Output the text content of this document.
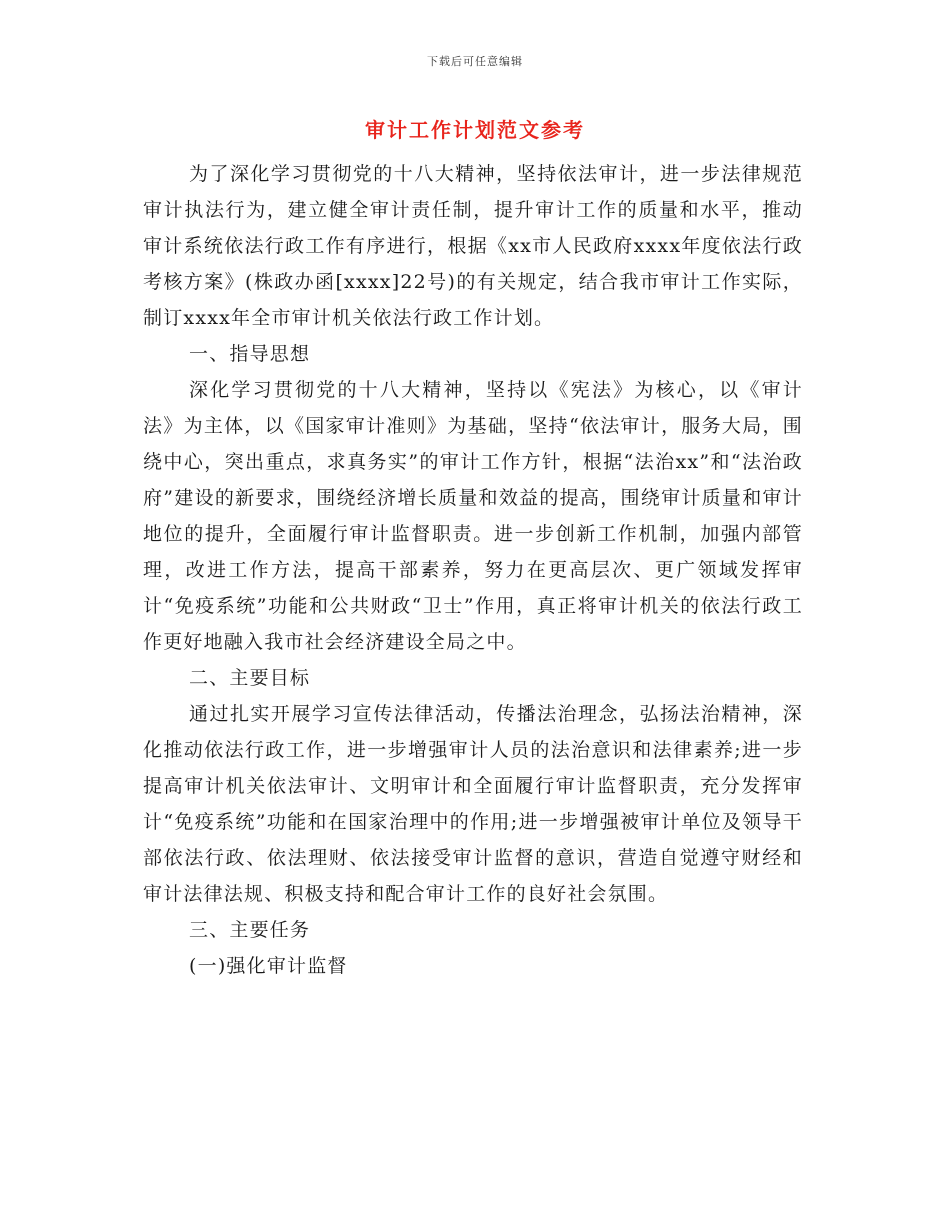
下载后可任意编辑
审计工作计划范文参考

为了深化学习贯彻党的十八大精神，坚持依法审计，进一步法律规范审计执法行为，建立健全审计责任制，提升审计工作的质量和水平，推动审计系统依法行政工作有序进行，根据《xx市人民政府xxxx年度依法行政考核方案》(株政办函[xxxx]22号)的有关规定，结合我市审计工作实际，制订xxxx年全市审计机关依法行政工作计划。

一、指导思想

深化学习贯彻党的十八大精神，坚持以《宪法》为核心，以《审计法》为主体，以《国家审计准则》为基础，坚持“依法审计，服务大局，围绕中心，突出重点，求真务实”的审计工作方针，根据“法治xx”和“法治政府”建设的新要求，围绕经济增长质量和效益的提高，围绕审计质量和审计地位的提升，全面履行审计监督职责。进一步创新工作机制，加强内部管理，改进工作方法，提高干部素养，努力在更高层次、更广领域发挥审计“免疫系统”功能和公共财政“卫士”作用，真正将审计机关的依法行政工作更好地融入我市社会经济建设全局之中。

二、主要目标

通过扎实开展学习宣传法律活动，传播法治理念，弘扬法治精神，深化推动依法行政工作，进一步增强审计人员的法治意识和法律素养;进一步提高审计机关依法审计、文明审计和全面履行审计监督职责，充分发挥审计“免疫系统”功能和在国家治理中的作用;进一步增强被审计单位及领导干部依法行政、依法理财、依法接受审计监督的意识，营造自觉遵守财经和审计法律法规、积极支持和配合审计工作的良好社会氛围。

三、主要任务

(一)强化审计监督
